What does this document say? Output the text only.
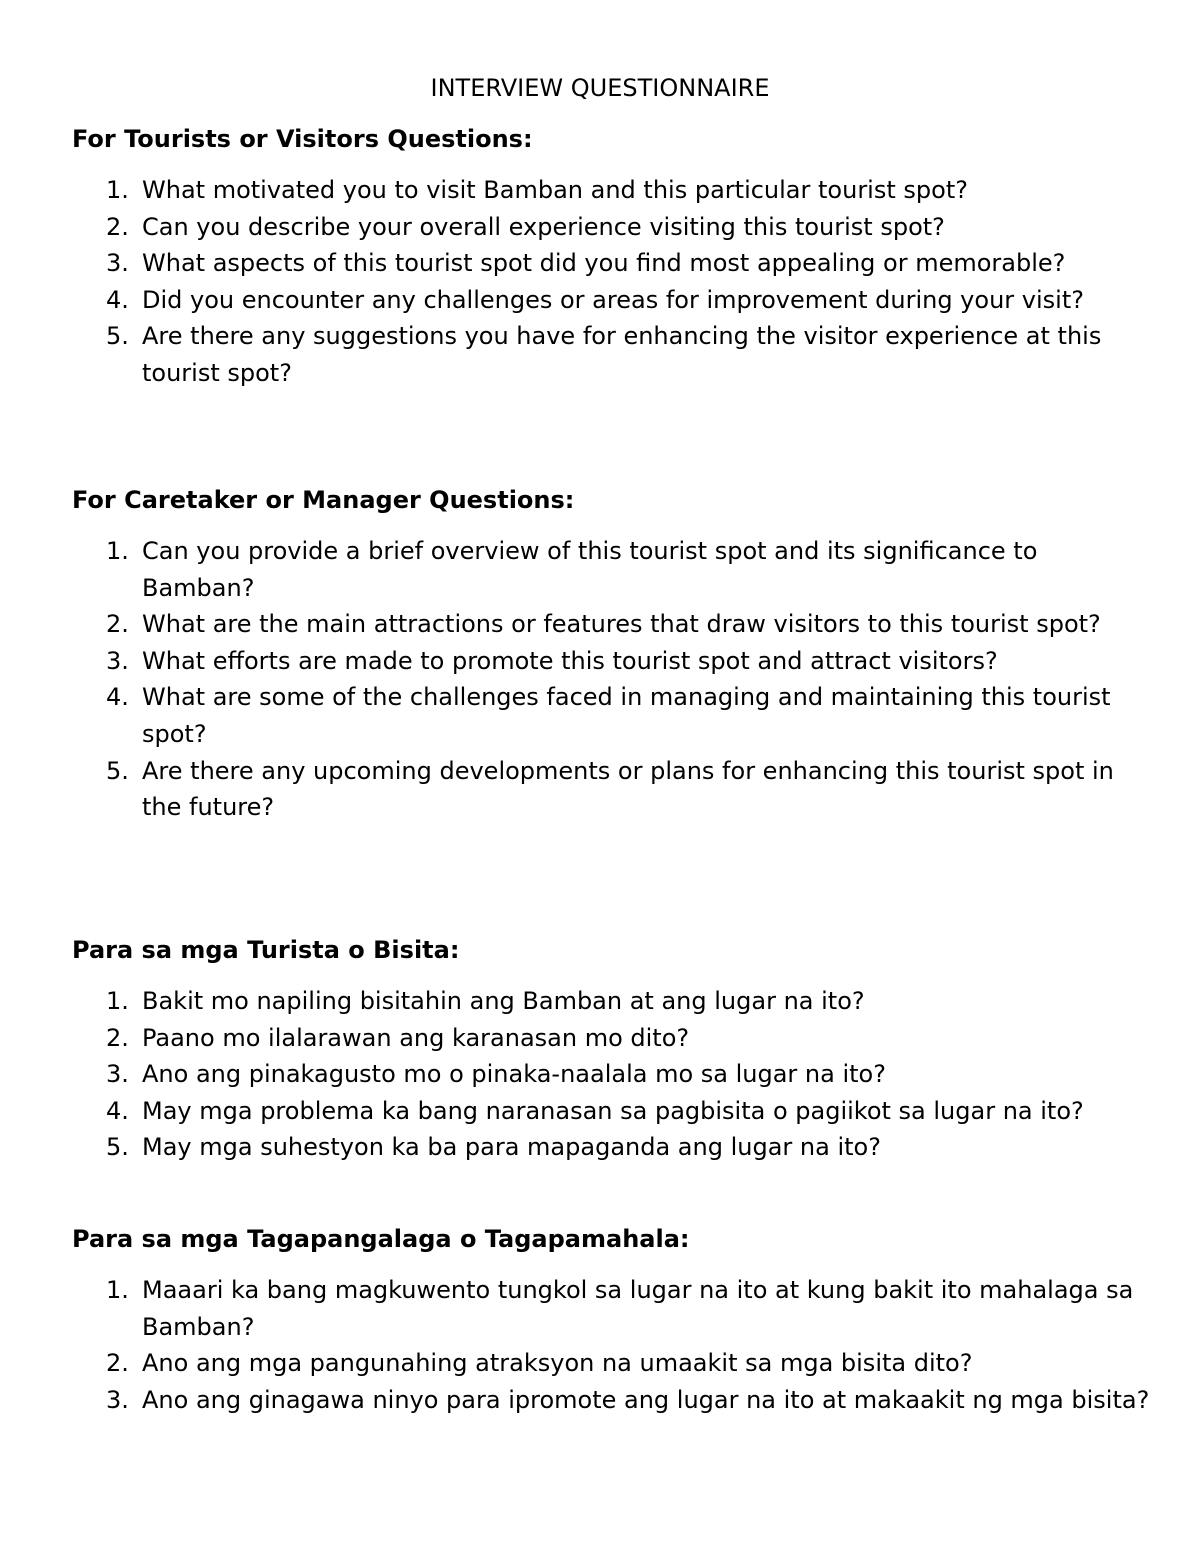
INTERVIEW QUESTIONNAIRE
For Tourists or Visitors Questions:
1. What motivated you to visit Bamban and this particular tourist spot?
2. Can you describe your overall experience visiting this tourist spot?
3. What aspects of this tourist spot did you find most appealing or memorable?
4. Did you encounter any challenges or areas for improvement during your visit?
5. Are there any suggestions you have for enhancing the visitor experience at this tourist spot?
For Caretaker or Manager Questions:
1. Can you provide a brief overview of this tourist spot and its significance to Bamban?
2. What are the main attractions or features that draw visitors to this tourist spot?
3. What efforts are made to promote this tourist spot and attract visitors?
4. What are some of the challenges faced in managing and maintaining this tourist spot?
5. Are there any upcoming developments or plans for enhancing this tourist spot in the future?
Para sa mga Turista o Bisita:
1. Bakit mo napiling bisitahin ang Bamban at ang lugar na ito?
2. Paano mo ilalarawan ang karanasan mo dito?
3. Ano ang pinakagusto mo o pinaka-naalala mo sa lugar na ito?
4. May mga problema ka bang naranasan sa pagbisita o pagiikot sa lugar na ito?
5. May mga suhestyon ka ba para mapaganda ang lugar na ito?
Para sa mga Tagapangalaga o Tagapamahala:
1. Maaari ka bang magkuwento tungkol sa lugar na ito at kung bakit ito mahalaga sa Bamban?
2. Ano ang mga pangunahing atraksyon na umaakit sa mga bisita dito?
3. Ano ang ginagawa ninyo para ipromote ang lugar na ito at makaakit ng mga bisita?
